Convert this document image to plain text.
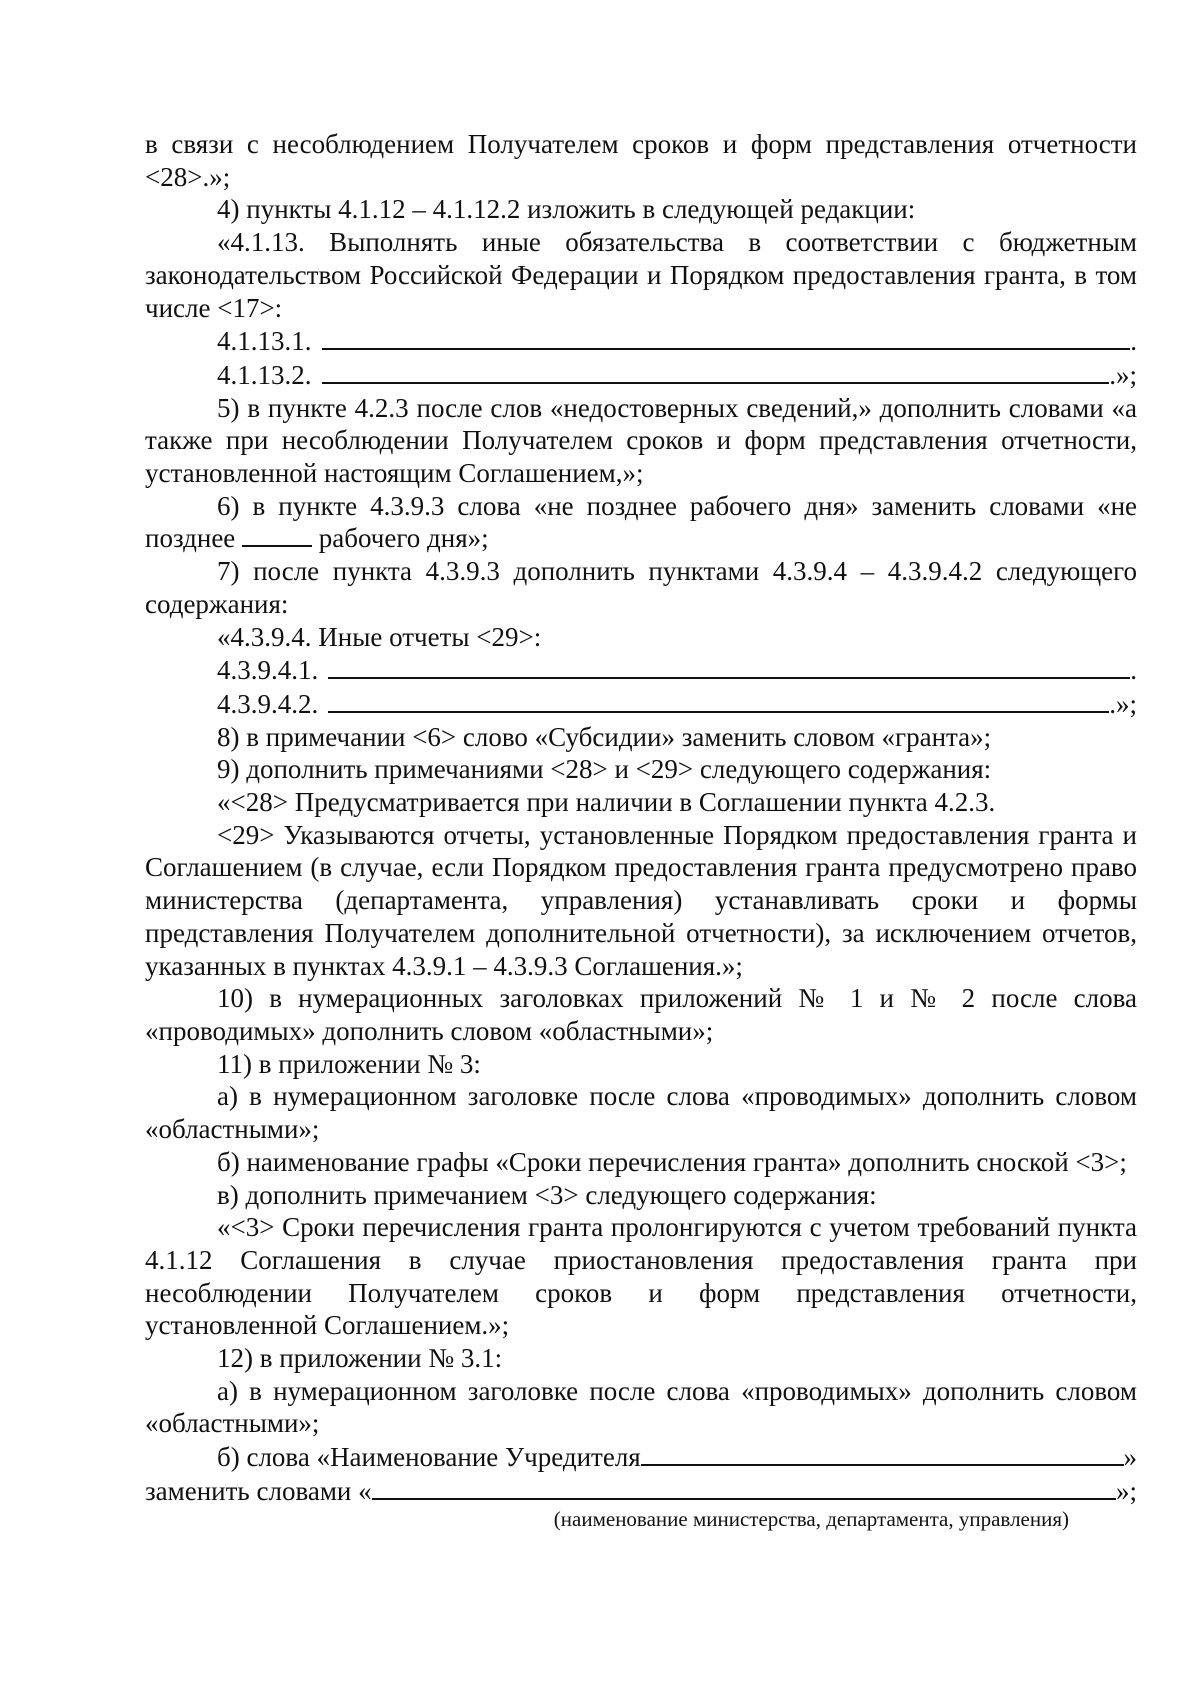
в связи с несоблюдением Получателем сроков и форм представления отчетности <28>.»;

4) пункты 4.1.12 – 4.1.12.2 изложить в следующей редакции:

«4.1.13. Выполнять иные обязательства в соответствии с бюджетным законодательством Российской Федерации и Порядком предоставления гранта, в том числе <17>:

4.1.13.1.	.
4.1.13.2.	.»;

5) в пункте 4.2.3 после слов «недостоверных сведений,» дополнить словами «а также при несоблюдении Получателем сроков и форм представления отчетности, установленной настоящим Соглашением,»;

6) в пункте 4.3.9.3 слова «не позднее рабочего дня» заменить словами «не позднее	рабочего дня»;

7) после пункта 4.3.9.3 дополнить пунктами 4.3.9.4 – 4.3.9.4.2 следующего содержания:

«4.3.9.4. Иные отчеты <29>:

4.3.9.4.1.	.
4.3.9.4.2.	.»;

8) в примечании <6> слово «Субсидии» заменить словом «гранта»;

9) дополнить примечаниями <28> и <29> следующего содержания:

«<28> Предусматривается при наличии в Соглашении пункта 4.2.3.

<29> Указываются отчеты, установленные Порядком предоставления гранта и Соглашением (в случае, если Порядком предоставления гранта предусмотрено право министерства (департамента, управления) устанавливать сроки и формы представления Получателем дополнительной отчетности), за исключением отчетов, указанных в пунктах 4.3.9.1 – 4.3.9.3 Соглашения.»;

10) в нумерационных заголовках приложений № 1 и № 2 после слова «проводимых» дополнить словом «областными»;

11) в приложении № 3:

а) в нумерационном заголовке после слова «проводимых» дополнить словом «областными»;

б) наименование графы «Сроки перечисления гранта» дополнить сноской <3>;

в) дополнить примечанием <3> следующего содержания:

«<3> Сроки перечисления гранта пролонгируются с учетом требований пункта 4.1.12 Соглашения в случае приостановления предоставления гранта при несоблюдении Получателем сроков и форм представления отчетности, установленной Соглашением.»;

12) в приложении № 3.1:

а) в нумерационном заголовке после слова «проводимых» дополнить словом «областными»;

б) слова «Наименование Учредителя	»
заменить словами «	»;
(наименование министерства, департамента, управления)
